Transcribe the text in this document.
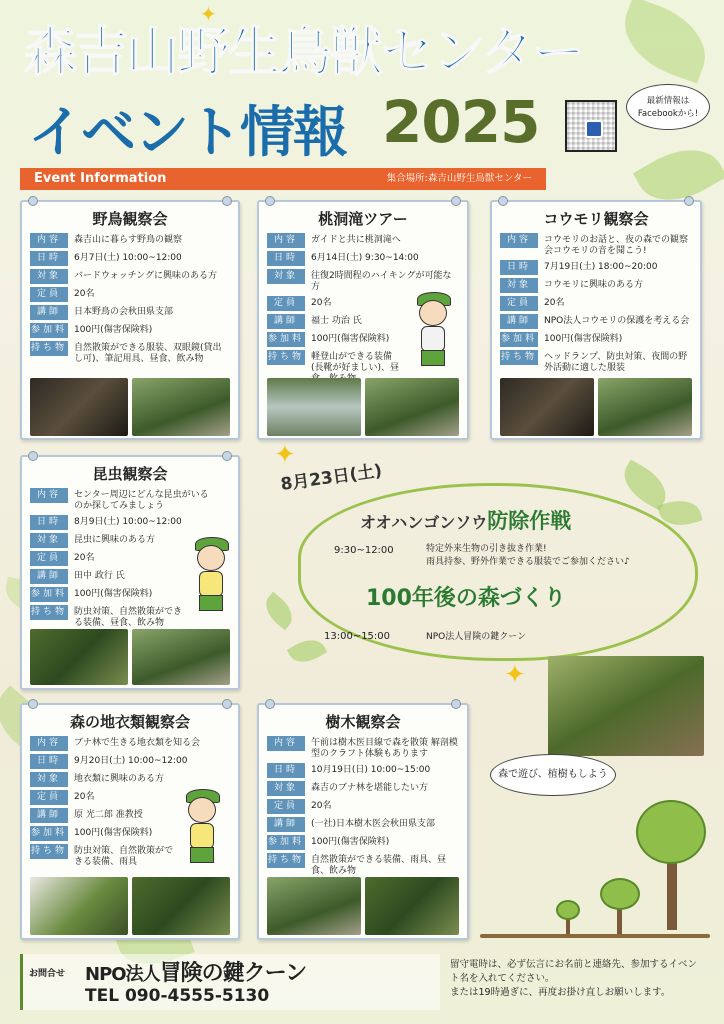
森吉山野生鳥獣センター
イベント情報 2025	最新情報は
Facebookから!
Event Information	集合場所:森吉山野生鳥獣センター
野鳥観察会
内容	森吉山に暮らす野鳥の観察
日時	6月7日(土) 10:00~12:00
対象	バードウォッチングに興味のある方
定員	20名
講師	日本野鳥の会秋田県支部
参加料 100円(傷害保険料)
持ち物 自然散策ができる服装、双眼鏡(貸出し可)、筆記用具、昼食、飲み物
桃洞滝ツアー
内容	ガイドと共に桃洞滝へ
日時	6月14日(土) 9:30~14:00
対象	往復2時間程のハイキングが可能な方
定員	20名
講師	福士 功治 氏
参加料 100円(傷害保険料)
持ち物 軽登山ができる装備(長靴が好ましい)、昼
コウモリ観察会
内容	コウモリのお話と、夜の森での観察会コウモリの音を聞こう!
日時	7月19日(土) 18:00~20:00
対象	コウモリに興味のある方
定員	20名
講師	NPO法人コウモリの保護を考える会
参加料 100円(傷害保険料)
持ち物 ヘッドランプ、防虫対策、夜間の野外活動に適した服装
昆虫観察会
内容	センター周辺にどんな昆虫がいるのか探してみましょう
日時	8月9日(土) 10:00~12:00
対象	昆虫に興味のある方
定員	20名
講師	田中 政行 氏
参加料 100円(傷害保険料)
持ち物 防虫対策、自然散策ができる装備、昼食、飲み物
8月23日(土)
オオハンゴンソウ防除作戦
9:30~12:00	特定外来生物の引き抜き作業!
雨具持参、野外作業できる服装でご参加ください♪
100年後の森づくり
13:00~15:00	NPO法人冒険の鍵クーン
✦
✦
✦
森で遊び、植樹もしよう
森の地衣類観察会
内容	ブナ林で生きる地衣類を知る会
日時	9月20日(土) 10:00~12:00
対象	地衣類に興味のある方
定員	20名
講師	原 光二郎 准教授
参加料 100円(傷害保険料)
持ち物 防虫対策、自然散策ができる装備、雨具
樹木観察会
内容	午前は樹木医目線で森を散策 解剖模型のクラフト体験もあります
日時	10月19日(日) 10:00~15:00
対象	森吉のブナ林を堪能したい方
定員	20名
講師	(一社)日本樹木医会秋田県支部
参加料 100円(傷害保険料)
持ち物 自然散策ができる装備、雨具、昼食、飲み物
お問合せ NPO法人冒険の鍵クーン
TEL 090-4555-5130
留守電時は、必ず伝言にお名前と連絡先、参加するイベント名を入れてください。
または19時過ぎに、再度お掛け直しお願いします。
